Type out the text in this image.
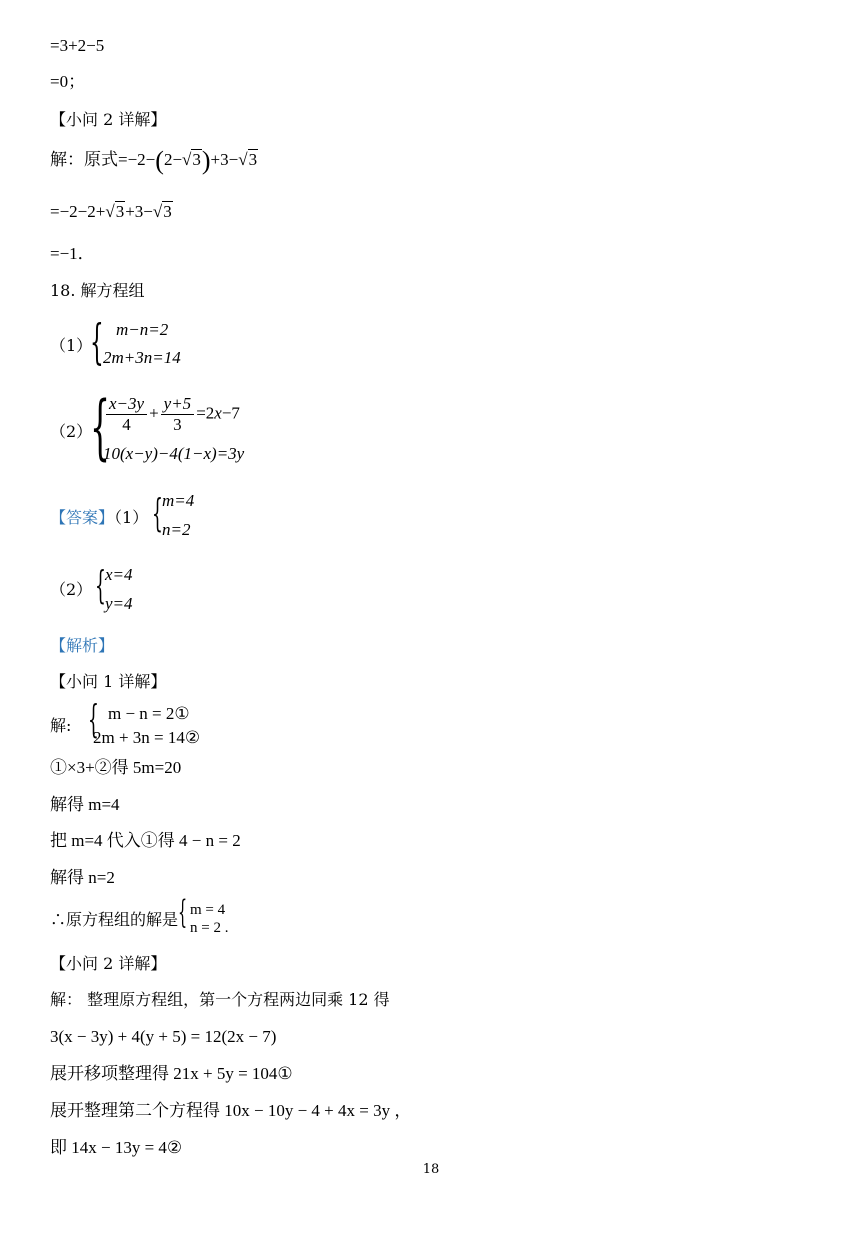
=3+2−5
=0；
【小问 2 详解】
解：原式=−2−(2−√3)+3−√3
=−2−2+√3+3−√3
=−1．
18. 解方程组
（1）
{ m−n=2
2m+3n=14
（2）
{
$\frac{x-3y}{4} + \frac{y+5}{3} =2x-7$
10(x−y)−4(1−x)=3y
【答案】（1） { m=4
n=2
（2） { x=4
y=4
【解析】
【小问 1 详解】
解: { m − n = 2①
2m + 3n = 14②
①×3+②得 5m=20
解得 m=4
把 m=4 代入①得 4 − n = 2
解得 n=2
∴原方程组的解是 { m = 4
n = 2 .
【小问 2 详解】
解： 整理原方程组，第一个方程两边同乘 12 得
3(x − 3y) + 4(y + 5) = 12(2x − 7)
展开移项整理得 21x + 5y = 104①
展开整理第二个方程得 10x − 10y − 4 + 4x = 3y ，
即 14x − 13y = 4②
18
